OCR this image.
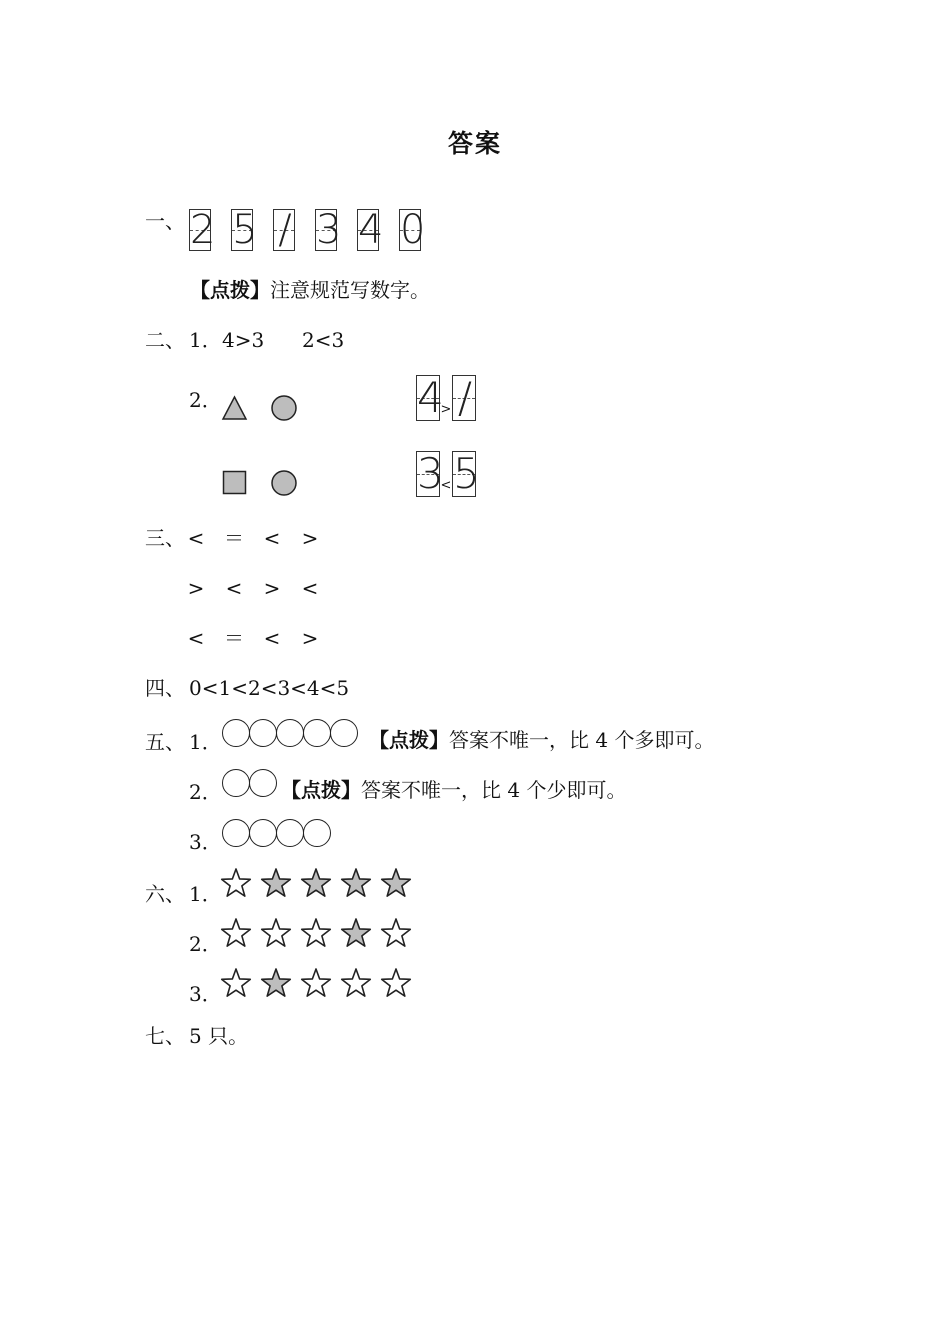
答案
一、 2 5 / 3 4 0
【点拨】注意规范写数字。
二、 1． 4>3 2<3
2．	4
> /
3
< 5
三、 < ＝ <	>
>	<	>	<
< ＝ <	>
四、 0<1<2<3<4<5
五、 1．	【点拨】答案不唯一，比 4 个多即可。
2．	【点拨】答案不唯一，比 4 个少即可。
3．
六、 1．
2．
3．
七、 5 只。
